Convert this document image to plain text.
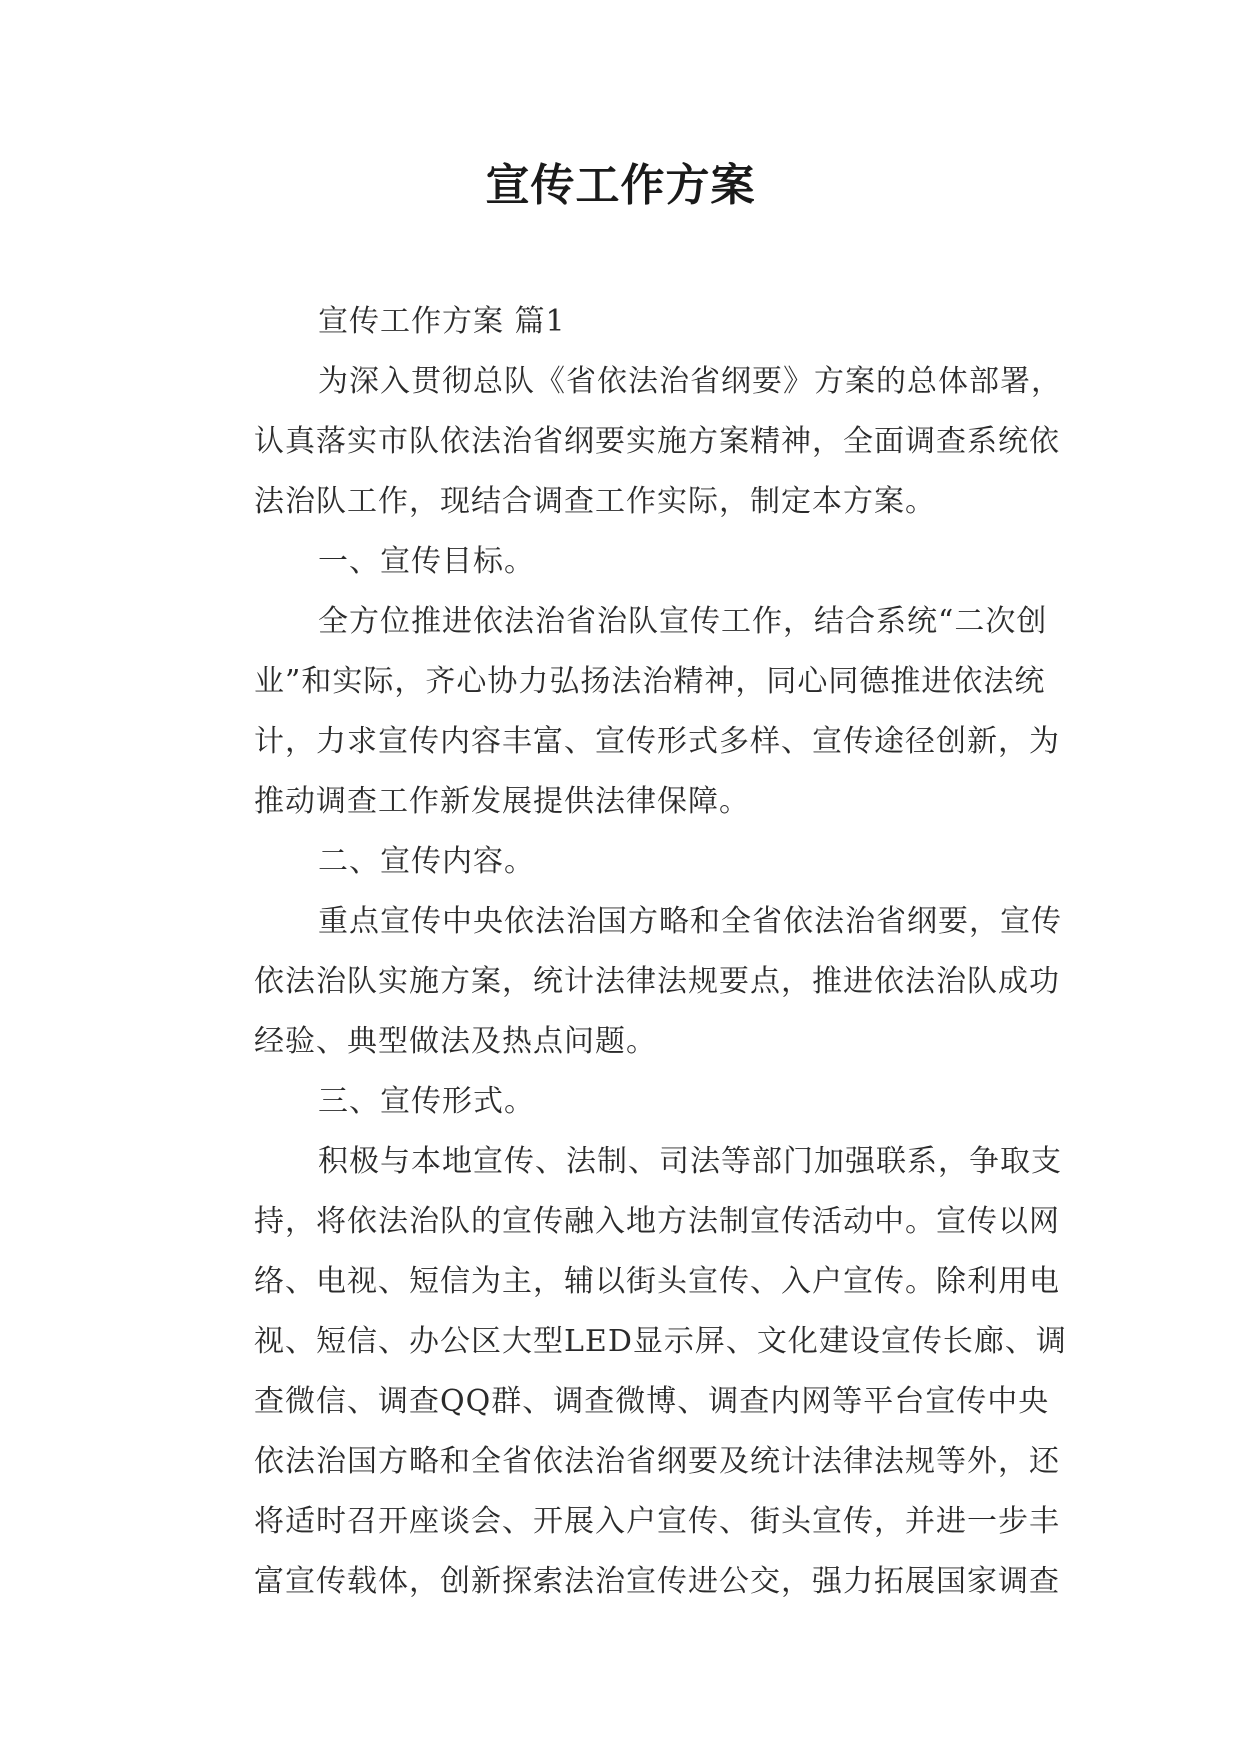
宣传工作方案
宣传工作方案 篇1
为深入贯彻总队《省依法治省纲要》方案的总体部署，
认真落实市队依法治省纲要实施方案精神，全面调查系统依
法治队工作，现结合调查工作实际，制定本方案。
一、宣传目标。
全方位推进依法治省治队宣传工作，结合系统“二次创
业”和实际，齐心协力弘扬法治精神，同心同德推进依法统
计，力求宣传内容丰富、宣传形式多样、宣传途径创新，为
推动调查工作新发展提供法律保障。
二、宣传内容。
重点宣传中央依法治国方略和全省依法治省纲要，宣传
依法治队实施方案，统计法律法规要点，推进依法治队成功
经验、典型做法及热点问题。
三、宣传形式。
积极与本地宣传、法制、司法等部门加强联系，争取支
持，将依法治队的宣传融入地方法制宣传活动中。宣传以网
络、电视、短信为主，辅以街头宣传、入户宣传。除利用电
视、短信、办公区大型LED显示屏、文化建设宣传长廊、调
查微信、调查QQ群、调查微博、调查内网等平台宣传中央
依法治国方略和全省依法治省纲要及统计法律法规等外，还
将适时召开座谈会、开展入户宣传、街头宣传，并进一步丰
富宣传载体，创新探索法治宣传进公交，强力拓展国家调查
